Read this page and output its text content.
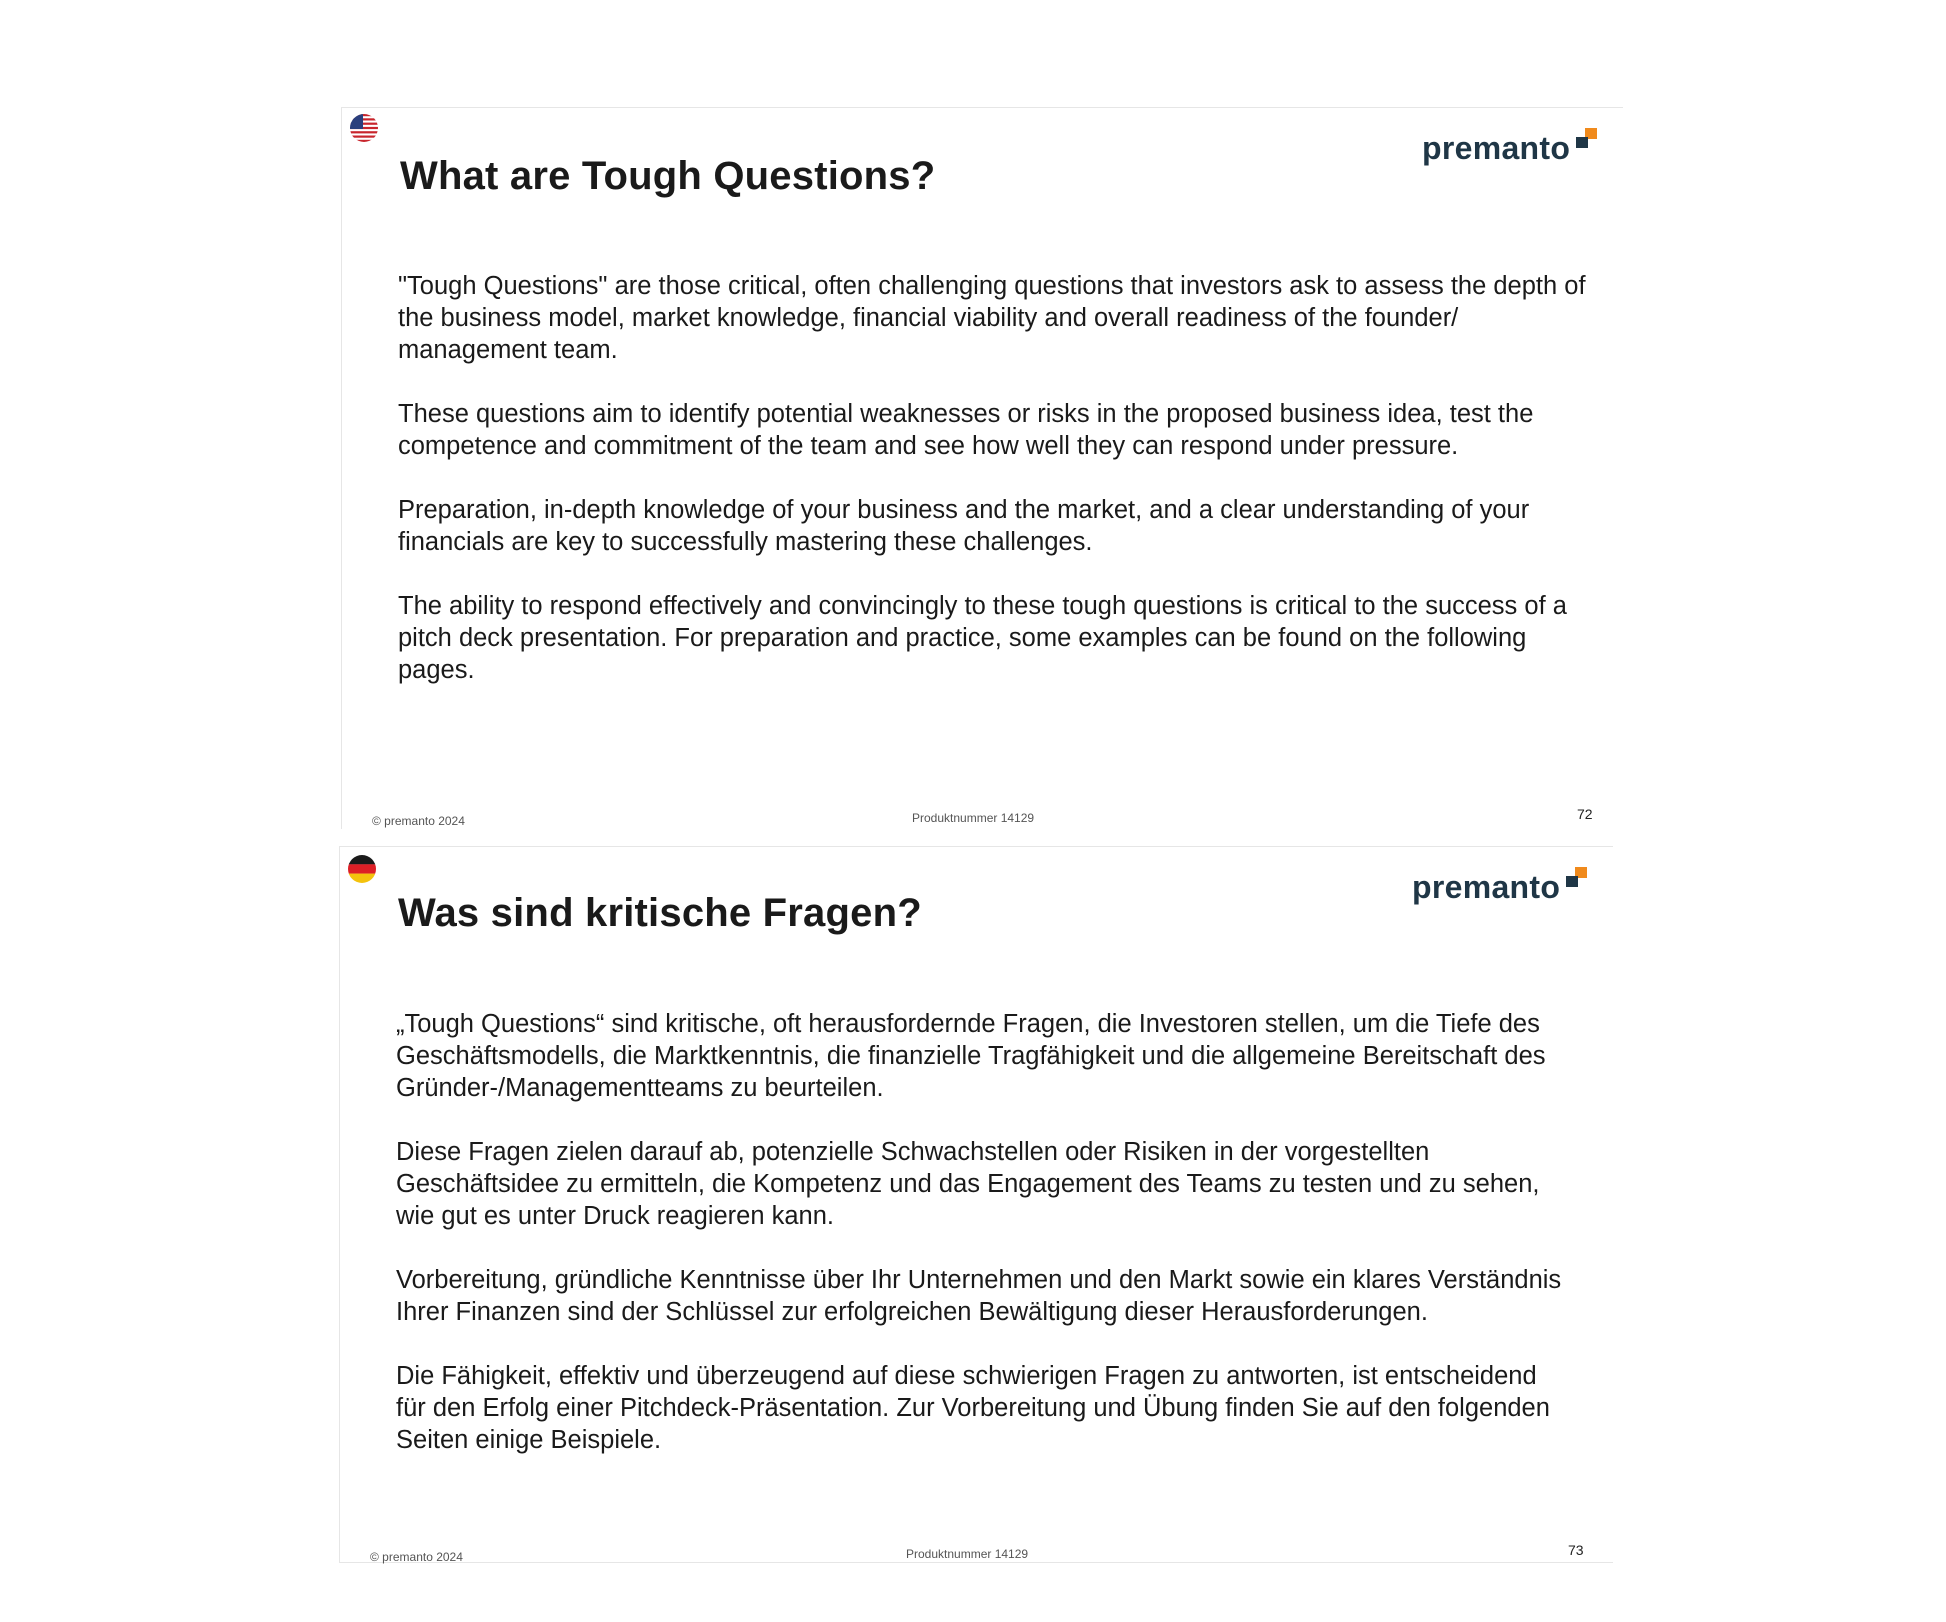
What are Tough Questions?
premanto

"Tough Questions" are those critical, often challenging questions that investors ask to assess the depth of the business model, market knowledge, financial viability and overall readiness of the founder/ management team.

These questions aim to identify potential weaknesses or risks in the proposed business idea, test the competence and commitment of the team and see how well they can respond under pressure.

Preparation, in-depth knowledge of your business and the market, and a clear understanding of your financials are key to successfully mastering these challenges.

The ability to respond effectively and convincingly to these tough questions is critical to the success of a pitch deck presentation. For preparation and practice, some examples can be found on the following pages.

© premanto 2024	Produktnummer 14129	72
Was sind kritische Fragen?
premanto

„Tough Questions“ sind kritische, oft herausfordernde Fragen, die Investoren stellen, um die Tiefe des Geschäftsmodells, die Marktkenntnis, die finanzielle Tragfähigkeit und die allgemeine Bereitschaft des Gründer-/Managementteams zu beurteilen.

Diese Fragen zielen darauf ab, potenzielle Schwachstellen oder Risiken in der vorgestellten Geschäftsidee zu ermitteln, die Kompetenz und das Engagement des Teams zu testen und zu sehen, wie gut es unter Druck reagieren kann.

Vorbereitung, gründliche Kenntnisse über Ihr Unternehmen und den Markt sowie ein klares Verständnis Ihrer Finanzen sind der Schlüssel zur erfolgreichen Bewältigung dieser Herausforderungen.

Die Fähigkeit, effektiv und überzeugend auf diese schwierigen Fragen zu antworten, ist entscheidend für den Erfolg einer Pitchdeck-Präsentation. Zur Vorbereitung und Übung finden Sie auf den folgenden Seiten einige Beispiele.

© premanto 2024	Produktnummer 14129	73
